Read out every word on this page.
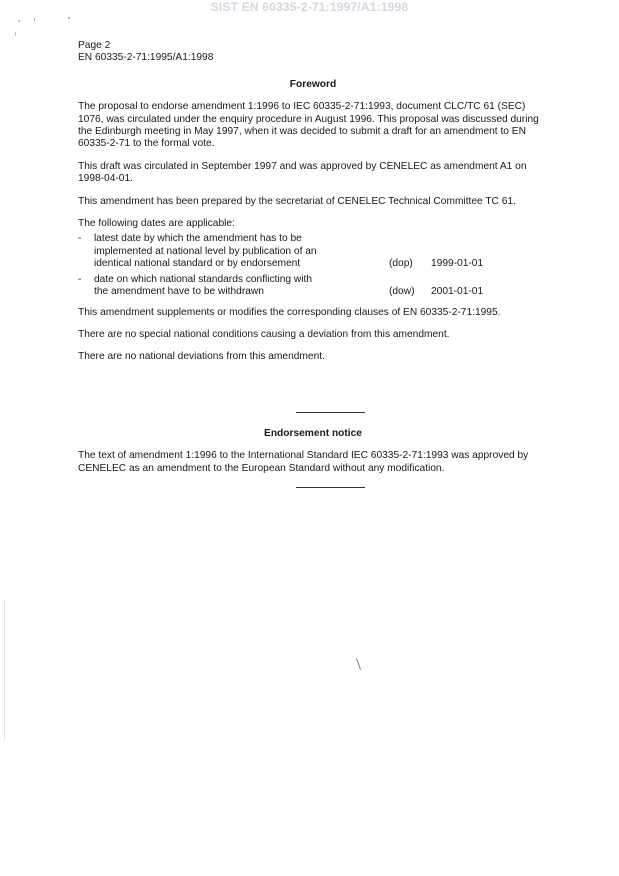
SIST EN 60335-2-71:1997/A1:1998

Page 2

EN 60335-2-71:1995/A1:1998

Foreword

The proposal to endorse amendment 1:1996 to IEC 60335-2-71:1993, document CLC/TC 61 (SEC) 1076, was circulated under the enquiry procedure in August 1996. This proposal was discussed during the Edinburgh meeting in May 1997, when it was decided to submit a draft for an amendment to EN 60335-2-71 to the formal vote.

This draft was circulated in September 1997 and was approved by CENELEC as amendment A1 on 1998-04-01.

This amendment has been prepared by the secretariat of CENELEC Technical Committee TC 61.

The following dates are applicable:

-	latest date by which the amendment has to be implemented at national level by publication of an identical national standard or by endorsement	(dop)	1999-01-01
-	date on which national standards conflicting with the amendment have to be withdrawn	(dow)	2001-01-01

This amendment supplements or modifies the corresponding clauses of EN 60335-2-71:1995.

There are no special national conditions causing a deviation from this amendment.

There are no national deviations from this amendment.

Endorsement notice

The text of amendment 1:1996 to the International Standard IEC 60335-2-71:1993 was approved by CENELEC as an amendment to the European Standard without any modification.
